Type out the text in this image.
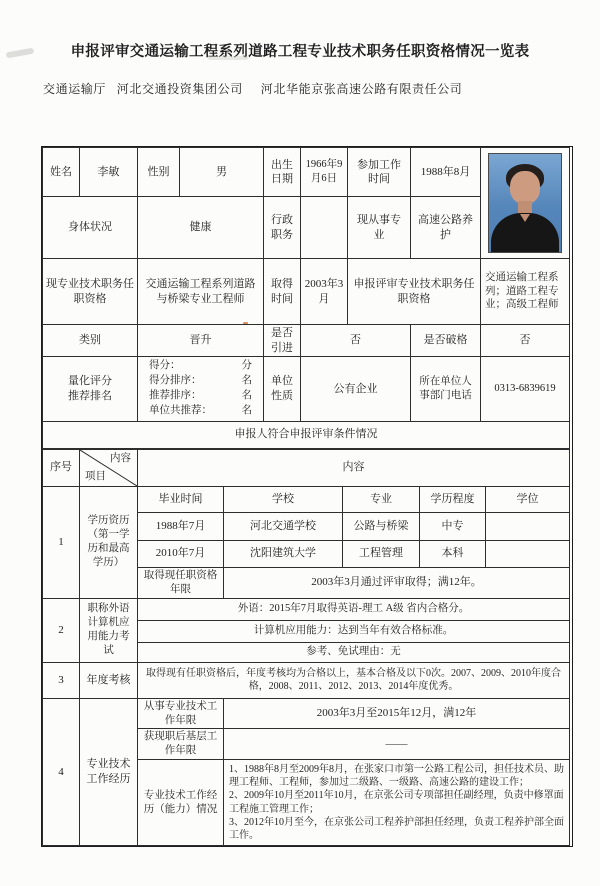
申报评审交通运输工程系列道路工程专业技术职务任职资格情况一览表
交通运输厅   河北交通投资集团公司     河北华能京张高速公路有限责任公司
姓名	李敏	性别	男	出生日期	1966年9月6日	参加工作时间	1988年8月	

身体状况		健康		行政职务		现从事专业	高速公路养护	
现专业技术职务任职资格		交通运输工程系列道路与桥梁专业工程师		取得时间	2003年3月	申报评审专业技术职务任职资格		交通运输工程系列；道路工程专业；高级工程师
类别		晋升		是否引进	否		是否破格	否
量化评分推荐排名	
得分：	分
得分排序：	名
推荐排序：	名
单位共推荐：	名
	单位性质	公有企业	所在单位人事部门电话	0313-6839619
申报人符合申报评审条件情况								
序号	内容
项目	内容				
1	学历资历（第一学历和最高学历）	毕业时间	学校	专业	学历程度	学位
		1988年7月	河北交通学校	公路与桥梁	中专	
		2010年7月	沈阳建筑大学	工程管理	本科	
		取得现任职资格年限	2003年3月通过评审取得；满12年。			
2	职称外语计算机应用能力考试	外语：2015年7月取得英语-理工 A级 省内合格分。				
		计算机应用能力：达到当年有效合格标准。				
		参考、免试理由：无				
3	年度考核	取得现有任职资格后，年度考核均为合格以上，基本合格及以下0次。2007、2009、2010年度合格，2008、2011、2012、2013、2014年度优秀。				
4	专业技术工作经历	从事专业技术工作年限	2003年3月至2015年12月，满12年			
		获现职后基层工作年限	——			
		专业技术工作经历（能力）情况	1、1988年8月至2009年8月，在张家口市第一公路工程公司，担任技术员、助理工程师、工程师，参加过二级路、一级路、高速公路的建设工作；
2、2009年10月至2011年10月，在京张公司专项部担任副经理，负责中修罩面工程施工管理工作；
3、2012年10月至今，在京张公司工程养护部担任经理，负责工程养护部全面工作。			
